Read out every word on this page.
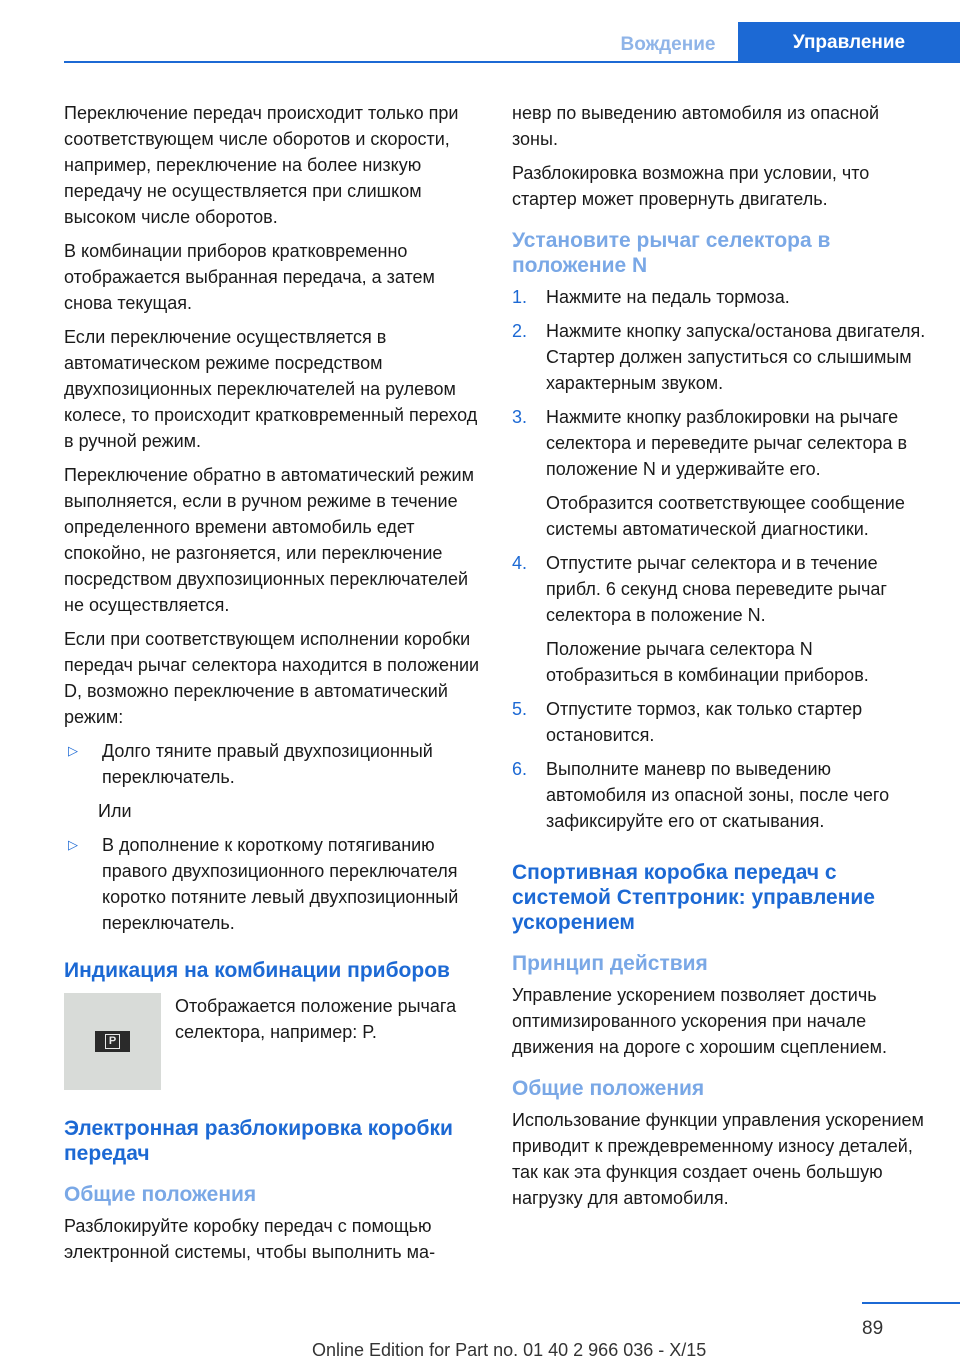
Вождение	Управление

Переключение передач происходит только при соответствующем числе оборотов и скорости, например, переключение на более низкую передачу не осуществляется при слишком высоком числе оборотов.

В комбинации приборов кратковременно отображается выбранная передача, а затем снова текущая.

Если переключение осуществляется в автоматическом режиме посредством двухпозиционных переключателей на рулевом колесе, то происходит кратковременный переход в ручной режим.

Переключение обратно в автоматический режим выполняется, если в ручном режиме в течение определенного времени автомобиль едет спокойно, не разгоняется, или переключение посредством двухпозиционных переключателей не осуществляется.

Если при соответствующем исполнении коробки передач рычаг селектора находится в положении D, возможно переключение в автоматический режим:

▷	Долго тяните правый двухпозиционный переключатель.

Или

▷	В дополнение к короткому потягиванию правого двухпозиционного переключателя коротко потяните левый двухпозиционный переключатель.
Индикация на комбинации приборов
P
Отображается положение рычага селектора, например: P.
Электронная разблокировка коробки передач
Общие положения

Разблокируйте коробку передач с помощью электронной системы, чтобы выполнить ма-

невр по выведению автомобиля из опасной зоны.

Разблокировка возможна при условии, что стартер может провернуть двигатель.

Установите рычаг селектора в положение N
1.	Нажмите на педаль тормоза.
2.	Нажмите кнопку запуска/останова двигателя. Стартер должен запуститься со слышимым характерным звуком.
3.	Нажмите кнопку разблокировки на рычаге селектора и переведите рычаг селектора в положение N и удерживайте его.

Отобразится соответствующее сообщение системы автоматической диагностики.

4.	Отпустите рычаг селектора и в течение прибл. 6 секунд снова переведите рычаг селектора в положение N.

Положение рычага селектора N отобразиться в комбинации приборов.

5.	Отпустите тормоз, как только стартер остановится.
6.	Выполните маневр по выведению автомобиля из опасной зоны, после чего зафиксируйте его от скатывания.
Спортивная коробка передач с системой Стептроник: управление ускорением
Принцип действия

Управление ускорением позволяет достичь оптимизированного ускорения при начале движения на дороге с хорошим сцеплением.

Общие положения

Использование функции управления ускорением приводит к преждевременному износу деталей, так как эта функция создает очень большую нагрузку для автомобиля.

89
Online Edition for Part no. 01 40 2 966 036 - X/15
